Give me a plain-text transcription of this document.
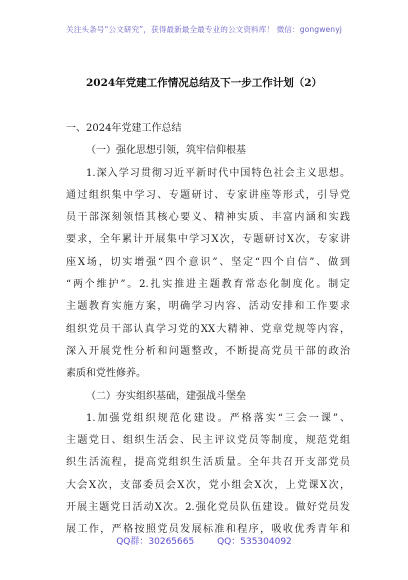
关注头条号“公文研究”，获得最新最全最专业的公文资料库！ 微信：gongwenyj
2024年党建工作情况总结及下一步工作计划（2）
一、2024年党建工作总结
（一）强化思想引领，筑牢信仰根基
1.深入学习贯彻习近平新时代中国特色社会主义思想。
通过组织集中学习、专题研讨、专家讲座等形式，引导党
员干部深刻领悟其核心要义、精神实质、丰富内涵和实践
要求，全年累计开展集中学习X次，专题研讨X次，专家讲
座X场，切实增强“四个意识”、坚定“四个自信”、做到
“两个维护”。2.扎实推进主题教育常态化制度化。制定
主题教育实施方案，明确学习内容、活动安排和工作要求
组织党员干部认真学习党的XX大精神、党章党规等内容，
深入开展党性分析和问题整改，不断提高党员干部的政治
素质和党性修养。
（二）夯实组织基础，建强战斗堡垒
1.加强党组织规范化建设。严格落实“三会一课”、
主题党日、组织生活会、民主评议党员等制度，规范党组
织生活流程，提高党组织生活质量。全年共召开支部党员
大会X次，支部委员会X次，党小组会X次，上党课X次，
开展主题党日活动X次。2.强化党员队伍建设。做好党员发
展工作，严格按照党员发展标准和程序，吸收优秀青年和
QQ群：30265665	QQ：535304092
